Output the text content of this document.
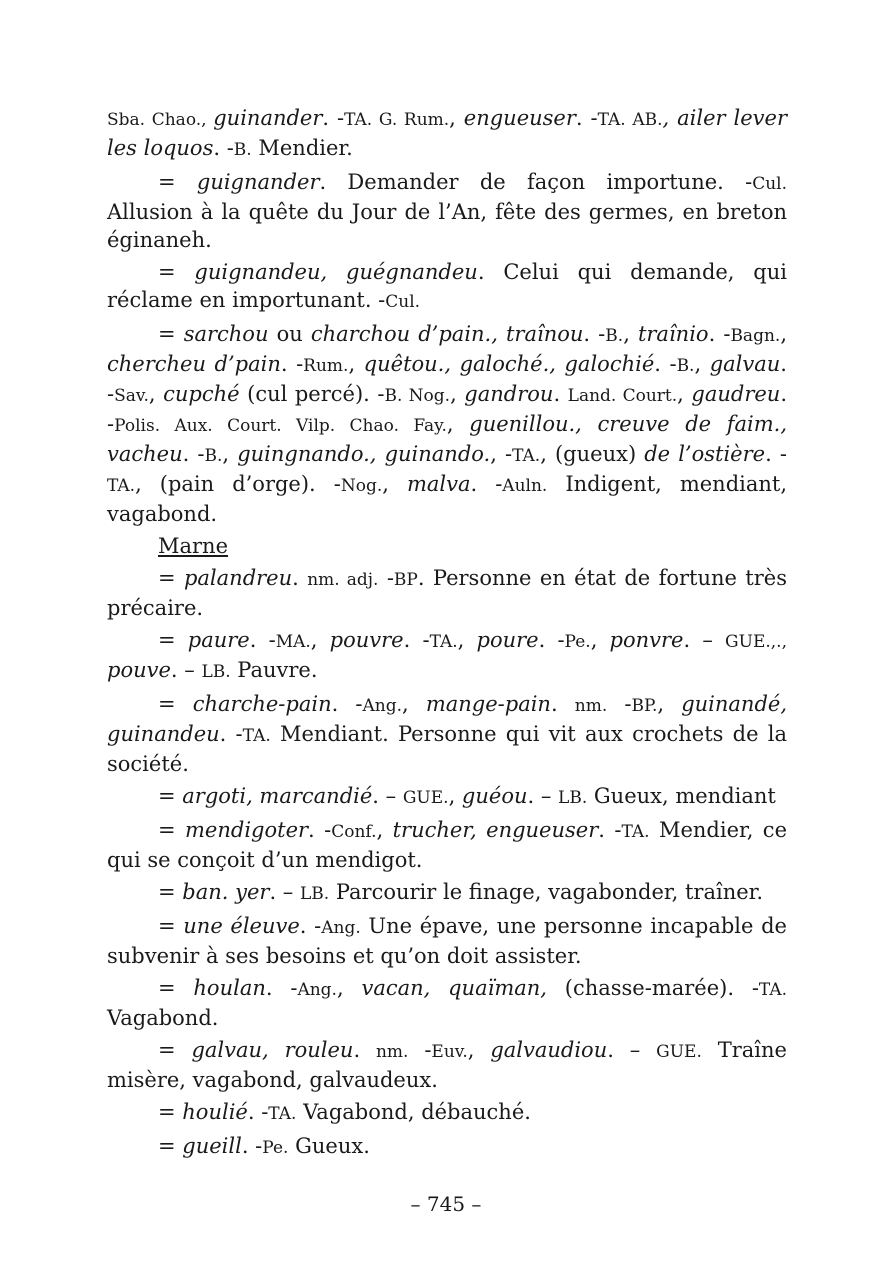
Sba. Chao., guinander. -TA. G. Rum., engueuser. -TA. AB., ailer lever les loquos. -B. Mendier.

= guignander. Demander de façon importune. -Cul. Allusion à la quête du Jour de l’An, fête des germes, en breton éginaneh.

= guignandeu, guégnandeu. Celui qui demande, qui réclame en importunant. -Cul.

= sarchou ou charchou d’pain., traînou. -B., traînio. -Bagn., chercheu d’pain. -Rum., quêtou., galoché., galochié. -B., galvau. -Sav., cupché (cul percé). -B. Nog., gandrou. Land. Court., gaudreu. -Polis. Aux. Court. Vilp. Chao. Fay., guenillou., creuve de faim., vacheu. -B., guingnando., guinando., -TA., (gueux) de l’ostière. -TA., (pain d’orge). -Nog., malva. -Auln. Indigent, mendiant, vagabond.

Marne

= palandreu. nm. adj. -BP. Personne en état de fortune très précaire.

= paure. -MA., pouvre. -TA., poure. -Pe., ponvre. – GUE.,., pouve. – LB. Pauvre.

= charche-pain. -Ang., mange-pain. nm. -BP., guinandé, guinandeu. -TA. Mendiant. Personne qui vit aux crochets de la société.

= argoti, marcandié. – GUE., guéou. – LB. Gueux, mendiant

= mendigoter. -Conf., trucher, engueuser. -TA. Mendier, ce qui se conçoit d’un mendigot.

= ban. yer. – LB. Parcourir le finage, vagabonder, traîner.

= une éleuve. -Ang. Une épave, une personne incapable de subvenir à ses besoins et qu’on doit assister.

= houlan. -Ang., vacan, quaïman, (chasse-marée). -TA. Vagabond.

= galvau, rouleu. nm. -Euv., galvaudiou. – GUE. Traîne misère, vagabond, galvaudeux.

= houlié. -TA. Vagabond, débauché.

= gueill. -Pe. Gueux.

– 745 –
